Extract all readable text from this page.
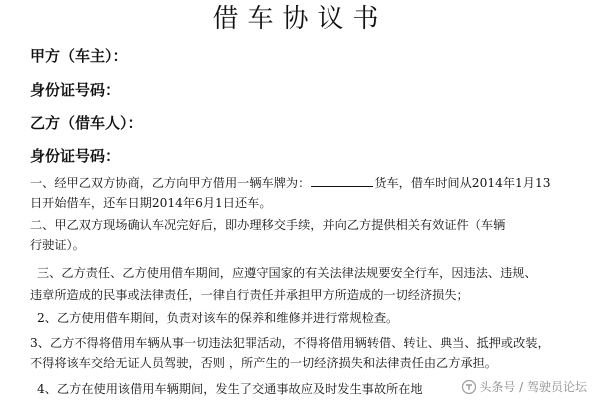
借车协议书
甲方（车主）：
身份证号码：
乙方（借车人）：
身份证号码：
一、经甲乙双方协商，乙方向甲方借用一辆车牌为：	货车，借车时间从2014年1月13
日开始借车，还车日期2014年6月1日还车。
二、甲乙双方现场确认车况完好后，即办理移交手续，并向乙方提供相关有效证件（车辆
行驶证）。
三、乙方责任、乙方使用借车期间，应遵守国家的有关法律法规要安全行车，因违法、违规、
违章所造成的民事或法律责任，一律自行责任并承担甲方所造成的一切经济损失；
2、乙方使用借车期间，负责对该车的保养和维修并进行常规检查。
3、乙方不得将借用车辆从事一切违法犯罪活动，不得将借用辆转借、转让、典当、抵押或改装，
不得将该车交给无证人员驾驶，否则 ，所产生的一切经济损失和法律责任由乙方承担。
4、乙方在使用该借用车辆期间，发生了交通事故应及时发生事故所在地	头条号 / 驾驶员论坛
